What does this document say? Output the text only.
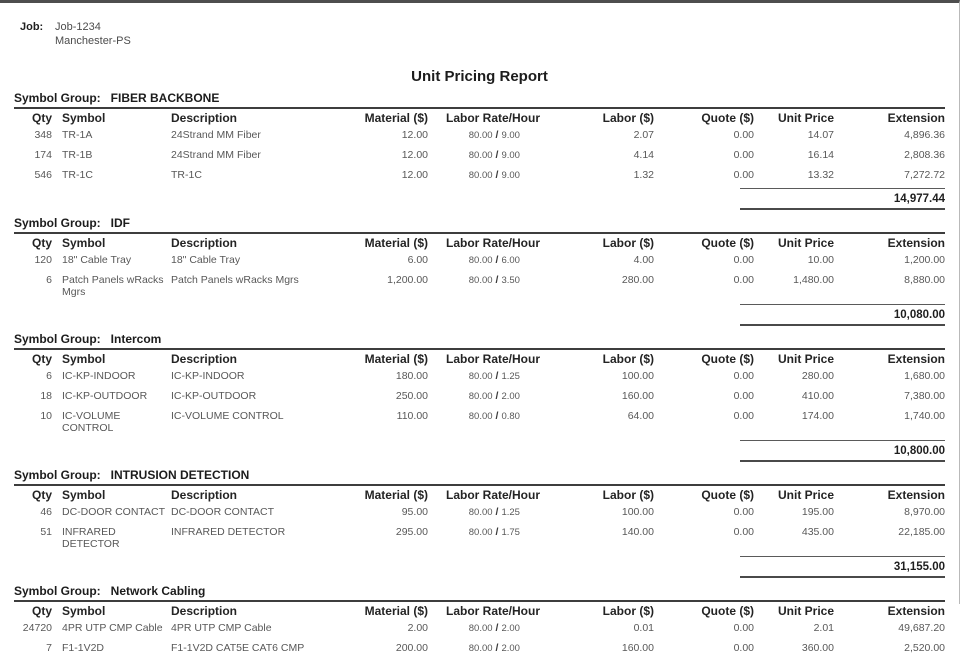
Job:	Job-1234
Manchester-PS
Unit Pricing Report
Symbol Group: FIBER BACKBONE
Qty	Symbol	Description	Material ($)	Labor Rate/Hour	Labor ($)	Quote ($)	Unit Price	Extension
348	TR-1A	24Strand MM Fiber	12.00	80.00 / 9.00	2.07	0.00	14.07	4,896.36
174	TR-1B	24Strand MM Fiber	12.00	80.00 / 9.00	4.14	0.00	16.14	2,808.36
546	TR-1C	TR-1C	12.00	80.00 / 9.00	1.32	0.00	13.32	7,272.72
14,977.44
Symbol Group: IDF
Qty	Symbol	Description	Material ($)	Labor Rate/Hour	Labor ($)	Quote ($)	Unit Price	Extension
120	18" Cable Tray	18" Cable Tray	6.00	80.00 / 6.00	4.00	0.00	10.00	1,200.00
6	Patch Panels wRacks Mgrs	Patch Panels wRacks Mgrs	1,200.00	80.00 / 3.50	280.00	0.00	1,480.00	8,880.00
10,080.00
Symbol Group: Intercom
Qty	Symbol	Description	Material ($)	Labor Rate/Hour	Labor ($)	Quote ($)	Unit Price	Extension
6	IC-KP-INDOOR	IC-KP-INDOOR	180.00	80.00 / 1.25	100.00	0.00	280.00	1,680.00
18	IC-KP-OUTDOOR	IC-KP-OUTDOOR	250.00	80.00 / 2.00	160.00	0.00	410.00	7,380.00
10	IC-VOLUME CONTROL	IC-VOLUME CONTROL	110.00	80.00 / 0.80	64.00	0.00	174.00	1,740.00
10,800.00
Symbol Group: INTRUSION DETECTION
Qty	Symbol	Description	Material ($)	Labor Rate/Hour	Labor ($)	Quote ($)	Unit Price	Extension
46	DC-DOOR CONTACT	DC-DOOR CONTACT	95.00	80.00 / 1.25	100.00	0.00	195.00	8,970.00
51	INFRARED DETECTOR	INFRARED DETECTOR	295.00	80.00 / 1.75	140.00	0.00	435.00	22,185.00
31,155.00
Symbol Group: Network Cabling
Qty	Symbol	Description	Material ($)	Labor Rate/Hour	Labor ($)	Quote ($)	Unit Price	Extension
24720	4PR UTP CMP Cable	4PR UTP CMP Cable	2.00	80.00 / 2.00	0.01	0.00	2.01	49,687.20
7	F1-1V2D	F1-1V2D CAT5E CAT6 CMP	200.00	80.00 / 2.00	160.00	0.00	360.00	2,520.00
